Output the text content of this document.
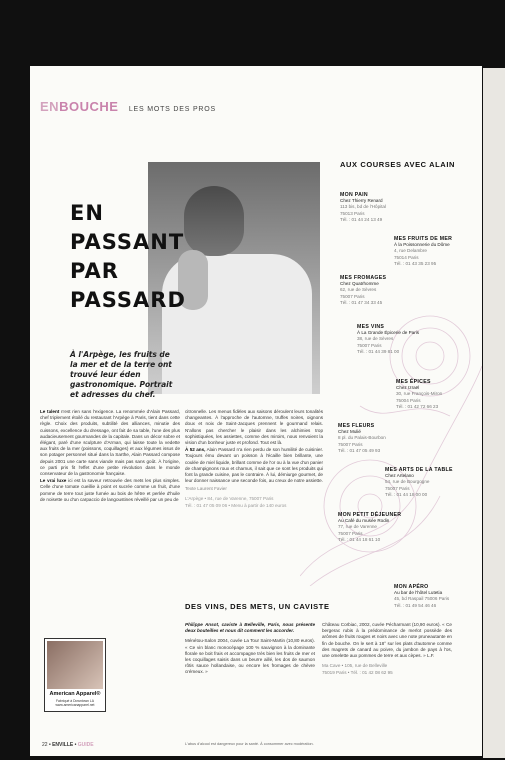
ENBOUCHE LES MOTS DES PROS
EN
PASSANT
PAR
PASSARD
À l'Arpège, les fruits de la mer et de la terre ont trouvé leur éden gastronomique. Portrait et adresses du chef.

Le talent n'est rien sans l'exigence. La renommée d'Alain Passard, chef triplement étoilé du restaurant l'Arpège à Paris, tient dans cette règle. Choix des produits, subtilité des alliances, minutie des cuissons, excellence du dressage, ont fait de sa table, l'une des plus audacieusement gourmandes de la capitale. Dans un décor sobre et élégant, paré d'une sculpture d'Arman, qui laisse toute la vedette aux fruits de la mer (poissons, coquillages) et aux légumes issus de son potager personnel situé dans la Sarthe, Alain Passard compose depuis 2001 une carte sans viande mais pas sans goût. À l'origine, ce parti pris fit l'effet d'une petite révolution dans le monde conservateur de la gastronomie française.

Le vrai luxe ici est la saveur retrouvée des mets les plus simples. Celle d'une tomate cueillie à point et sucrée comme un fruit, d'une pomme de terre tout juste fumée au bois de hêtre et perlée d'huile de noisette ou d'un carpaccio de langoustines réveillé par un peu de

citronnelle. Les menus fidèles aux saisons déroulent leurs tonalités changeantes. À l'approche de l'automne, truffes noires, oignons doux et noix de Saint-Jacques prennent le gourmand relais. N'allons pas chercher le plaisir dans les alchimies trop sophistiquées, les assiettes, comme des miroirs, nous renvoient la vision d'un bonheur juste et profond. Tout est là.

À 52 ans, Alain Passard n'a rien perdu de son humilité de cuisinier. Toujours ému devant un poisson à l'écaille bien brillante, une coulée de miel liquide, brillant comme de l'or ou à la vue d'un panier de champignons roux et charnus, il sait que ce sont les produits qui font la grande cuisine, pas le contraire. À lui, démiurge gourmet, de leur donner naissance une seconde fois, au creux de notre assiette.

Texte Laurent Favier

L'Arpège • 84, rue de Varenne, 75007 Paris

Tél. : 01 47 05 09 06 • Menu à partir de 140 euros

AUX COURSES AVEC ALAIN
MON PAIN
Chez Thierry Renard
113 bis, bd de l'Hôpital
75013 Paris
Tél. : 01 44 24 13 49
MES FRUITS DE MER
À la Poissonnerie du Dôme
4, rue Delambre
75014 Paris
Tél. : 01 43 35 23 95
MES FROMAGES
Chez Quatrhomme
62, rue de Sèvres
75007 Paris
Tél. : 01 47 34 33 45
MES VINS
À La Grande Épicerie de Paris
38, rue de Sèvres
75007 Paris
Tél. : 01 44 39 81 00
MES ÉPICES
Chez Izraël
30, rue François-Miron
75004 Paris
Tél. : 01 42 72 66 23
MES FLEURS
Chez Mulié
8 pl. du Palais-Bourbon
75007 Paris
Tél. : 01 47 05 49 93
MES ARTS DE LA TABLE
Chez Artelano
54, rue de Bourgogne
75007 Paris
Tél. : 01 44 18 00 00
MON PETIT DÉJEUNER
Au Café du musée Rodin
77, rue de Varenne
75007 Paris
Tél. : 01 44 18 61 10
MON APÉRO
Au bar de l'hôtel Lutetia
45, bd Raspail 75006 Paris
Tél. : 01 49 54 46 46
DES VINS, DES METS, UN CAVISTE

Philippe Ansot, caviste à Belleville, Paris, nous présente deux bouteilles et nous dit comment les accorder.

Ménétou-Salon 2004, cuvée La Tour Saint-Martin (10,80 euros). « Ce vin blanc monocépage 100 % sauvignon à la dominante florale se boit frais et accompagne très bien les fruits de mer et les coquillages saisis dans un beurre aillé, les dos de saumon rôtis sauce hollandaise, ou encore les fromages de chèvre crémeux. »

Château Corbiac, 2002, cuvée Pécharmant (10,90 euros). « Ce bergerac rubis à la prédominance de merlot possède des arômes de fruits rouges et noirs avec une note pruneautante en fin de bouche. On le sert à 18° sur les plats d'automne comme des magrets de canard au poivre, du jambon de pays à l'os, une omelette aux pommes de terre et aux cèpes. » L.F.

Ma Cave • 105, rue de Belleville

75019 Paris • Tél. : 01 42 08 62 95

American Apparel®
Fabriqué à Downtown LA www.americanapparel.net
22 • ENVILLE • GUIDE	L'abus d'alcool est dangereux pour la santé. À consommer avec modération.
